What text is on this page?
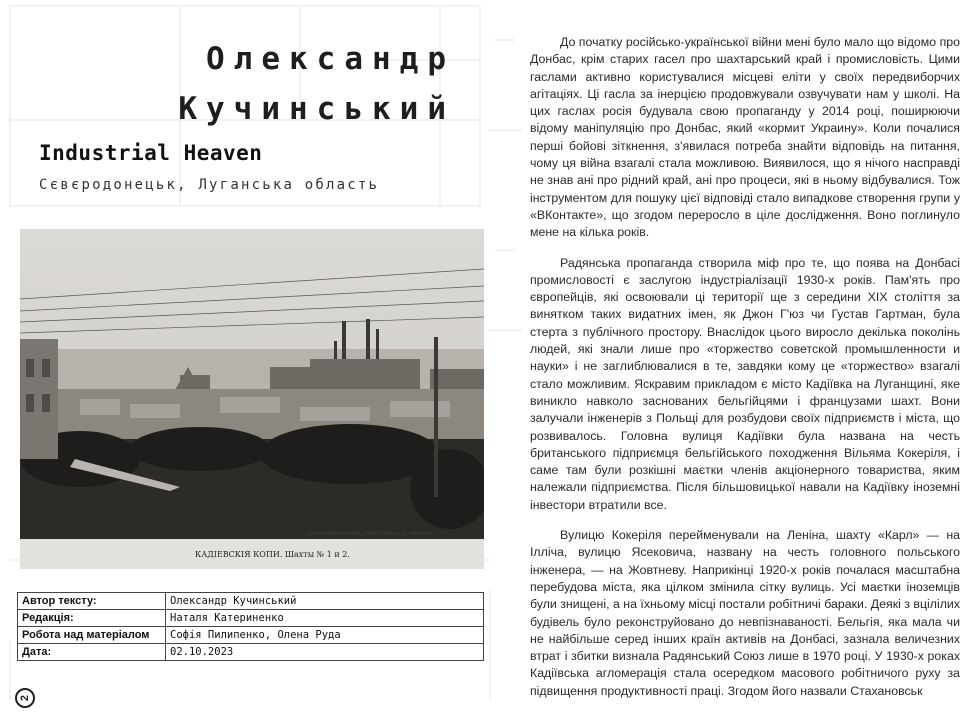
Олександр
Кучинський
Industrial Heaven
Сєвєродонецьк, Луганська область
ФОТОТИПІЯ ШЕРЕРЪ, НАБГОЛЬЦЪ и К°, МОСКВА.
КАДІЕВСКІЯ КОПИ. Шахты № 1 и 2.
Автор тексту:	Олександр Кучинський
Редакція:	Наталя Катериненко
Робота над матеріалом	Софія Пилипенко, Олена Руда
Дата:	02.10.2023
2

До початку російсько-української війни мені було мало що відомо про Донбас, крім старих гасел про шахтарський край і промисловість. Цими гаслами активно користувалися місцеві еліти у своїх передвиборчих агітаціях. Ці гасла за інерцією продовжували озвучувати нам у школі. На цих гаслах росія будувала свою пропаганду у 2014 році, поширюючи відому маніпуляцію про Донбас, який «кормит Украину». Коли почалися перші бойові зіткнення, з'явилася потреба знайти відповідь на питання, чому ця війна взагалі стала можливою. Виявилося, що я нічого насправді не знав ані про рідний край, ані про процеси, які в ньому відбувалися. Тож інструментом для пошуку цієї відповіді стало випадкове створення групи у «ВКонтакте», що згодом переросло в ціле дослідження. Воно поглинуло мене на кілька років.

Радянська пропаганда створила міф про те, що поява на Донбасі промисловості є заслугою індустріалізації 1930-х років. Пам'ять про європейців, які освоювали ці території ще з середини XIX століття за винятком таких видатних імен, як Джон Г'юз чи Густав Гартман, була стерта з публічного простору. Внаслідок цього виросло декілька поколінь людей, які знали лише про «торжество советской промышленности и науки» і не заглиблювалися в те, завдяки кому це «торжество» взагалі стало можливим. Яскравим прикладом є місто Кадіївка на Луганщині, яке виникло навколо заснованих бельгійцями і французами шахт. Вони залучали інженерів з Польщі для розбудови своїх підприємств і міста, що розвивалось. Головна вулиця Кадіївки була названа на честь британського підприємця бельгійського походження Вільяма Кокеріля, і саме там були розкішні маєтки членів акціонерного товариства, яким належали підприємства. Після більшовицької навали на Кадіївку іноземні інвестори втратили все.

Вулицю Кокеріля перейменували на Леніна, шахту «Карл» — на Ілліча, вулицю Ясековича, названу на честь головного польського інженера, — на Жовтневу. Наприкінці 1920-х років почалася масштабна перебудова міста, яка цілком змінила сітку вулиць. Усі маєтки іноземців були знищені, а на їхньому місці постали робітничі бараки. Деякі з вцілілих будівель було реконструйовано до невпізнаваності. Бельгія, яка мала чи не найбільше серед інших країн активів на Донбасі, зазнала величезних втрат і збитки визнала Радянський Союз лише в 1970 році. У 1930-х роках Кадіївська агломерація стала осередком масового робітничого руху за підвищення продуктивності праці. Згодом його назвали Стахановськ
